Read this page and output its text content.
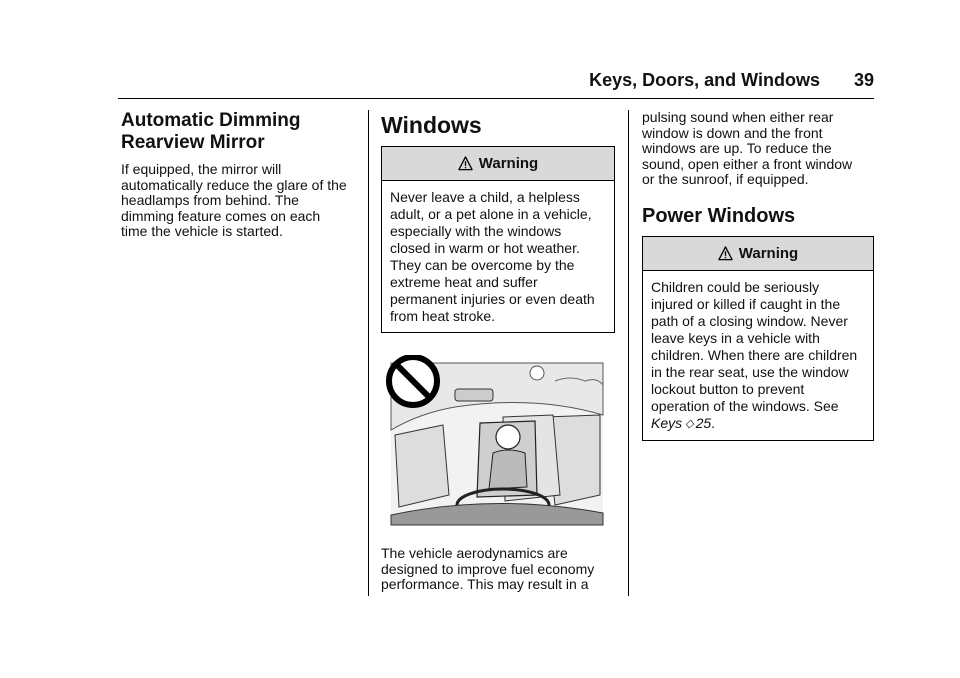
Keys, Doors, and Windows 39
Automatic Dimming
Rearview Mirror

If equipped, the mirror will
automatically reduce the glare of the
headlamps from behind. The
dimming feature comes on each
time the vehicle is started.

Windows
Warning
Never leave a child, a helpless
adult, or a pet alone in a vehicle,
especially with the windows
closed in warm or hot weather.
They can be overcome by the
extreme heat and suffer
permanent injuries or even death
from heat stroke.

The vehicle aerodynamics are
designed to improve fuel economy
performance. This may result in a

pulsing sound when either rear
window is down and the front
windows are up. To reduce the
sound, open either a front window
or the sunroof, if equipped.

Power Windows
Warning
Children could be seriously
injured or killed if caught in the
path of a closing window. Never
leave keys in a vehicle with
children. When there are children
in the rear seat, use the window
lockout button to prevent
operation of the windows. See
Keys ◇ 25.
